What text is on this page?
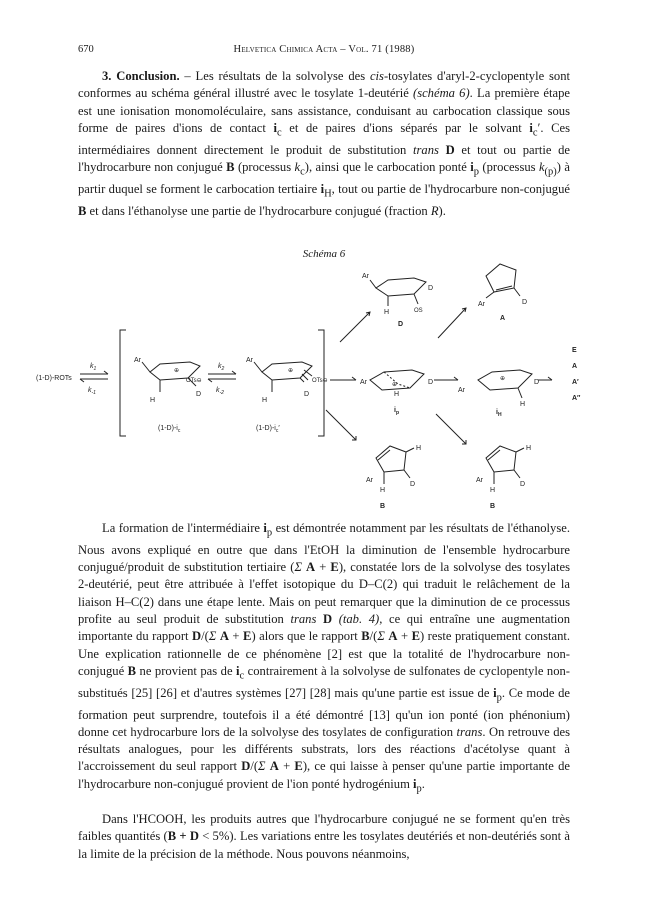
670	Helvetica Chimica Acta – Vol. 71 (1988)

3. Conclusion. – Les résultats de la solvolyse des cis-tosylates d'aryl-2-cyclopentyle sont conformes au schéma général illustré avec le tosylate 1-deutérié (schéma 6). La première étape est une ionisation monomoléculaire, sans assistance, conduisant au carbocation classique sous forme de paires d'ions de contact $i_c$ et de paires d'ions séparés par le solvant $i_c'$. Ces intermédiaires donnent directement le produit de substitution trans D et tout ou partie de l'hydrocarbure non conjugué B (processus $k_c$), ainsi que le carbocation ponté $i_p$ (processus $k_{(p)}$) à partir duquel se forment le carbocation tertiaire $i_H$, tout ou partie de l'hydrocarbure non-conjugué B et dans l'éthanolyse une partie de l'hydrocarbure conjugué (fraction R).

Schéma 6
(1-D)-ROTs
$k_1$
$k_{-1}$
$k_2$
$k_{-2}$
Ar
H
D
OTs⊖
⊕
$(1-D)-i_c$
Ar
H
D
OTs⊖
⊕
$(1-D)-i_c'$
Ar	⊕
H
D
$i_p$
Ar
⊕
H
D
$i_H$
Ar
H
D
OS
D
Ar	D
A
Ar
H
D
H
B
Ar
H
D
H
B
E
A
A′
A″

La formation de l'intermédiaire $i_p$ est démontrée notamment par les résultats de l'éthanolyse. Nous avons expliqué en outre que dans l'EtOH la diminution de l'ensemble hydrocarbure conjugué/produit de substitution tertiaire (Σ A + E), constatée lors de la solvolyse des tosylates 2-deutérié, peut être attribuée à l'effet isotopique du D–C(2) qui traduit le relâchement de la liaison H–C(2) dans une étape lente. Mais on peut remarquer que la diminution de ce processus profite au seul produit de substitution trans D (tab. 4), ce qui entraîne une augmentation importante du rapport D/(Σ A + E) alors que le rapport B/(Σ A + E) reste pratiquement constant. Une explication rationnelle de ce phénomène [2] est que la totalité de l'hydrocarbure non-conjugué B ne provient pas de $i_c$ contrairement à la solvolyse de sulfonates de cyclopentyle non-substitués [25] [26] et d'autres systèmes [27] [28] mais qu'une partie est issue de $i_p$. Ce mode de formation peut surprendre, toutefois il a été démontré [13] qu'un ion ponté (ion phénonium) donne cet hydrocarbure lors de la solvolyse des tosylates de configuration trans. On retrouve des résultats analogues, pour les différents substrats, lors des réactions d'acétolyse quant à l'accroissement du seul rapport D/(Σ A + E), ce qui laisse à penser qu'une partie importante de l'hydrocarbure non-conjugué provient de l'ion ponté hydrogénium $i_p$.

Dans l'HCOOH, les produits autres que l'hydrocarbure conjugué ne se forment qu'en très faibles quantités (B + D < 5%). Les variations entre les tosylates deutériés et non-deutériés sont à la limite de la précision de la méthode. Nous pouvons néanmoins,
